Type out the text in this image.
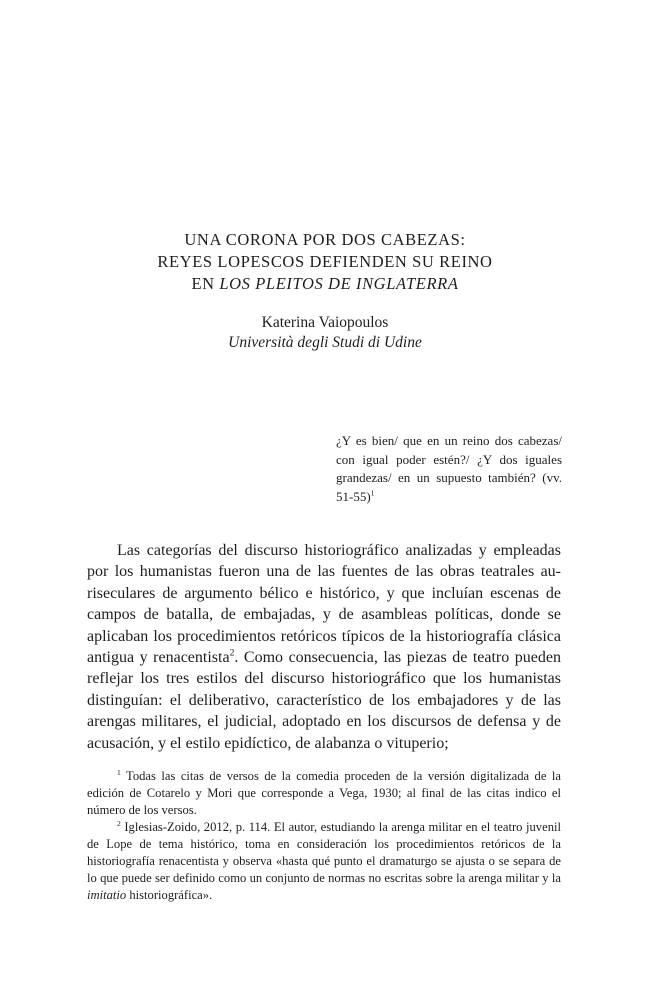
UNA CORONA POR DOS CABEZAS:
REYES LOPESCOS DEFIENDEN SU REINO
EN LOS PLEITOS DE INGLATERRA
Katerina Vaiopoulos
Università degli Studi di Udine
¿Y es bien/ que en un reino dos cabezas/ con igual poder estén?/ ¿Y dos iguales grandezas/ en un supuesto también? (vv. 51-55)$^1$

Las categorías del discurso historiográfico analizadas y empleadas por los humanistas fueron una de las fuentes de las obras teatrales auriseculares de argumento bélico e histórico, y que incluían escenas de campos de batalla, de embajadas, y de asambleas políticas, donde se aplicaban los procedimientos retóricos típicos de la historiografía clásica antigua y renacentista$^2$. Como consecuencia, las piezas de teatro pueden reflejar los tres estilos del discurso historiográfico que los humanistas distinguían: el deliberativo, característico de los embajadores y de las arengas militares, el judicial, adoptado en los discursos de defensa y de acusación, y el estilo epidíctico, de alabanza o vituperio;

$^1$ Todas las citas de versos de la comedia proceden de la versión digitalizada de la edición de Cotarelo y Mori que corresponde a Vega, 1930; al final de las citas indico el número de los versos.

$^2$ Iglesias-Zoido, 2012, p. 114. El autor, estudiando la arenga militar en el teatro juvenil de Lope de tema histórico, toma en consideración los procedimientos retóricos de la historiografía renacentista y observa «hasta qué punto el dramaturgo se ajusta o se separa de lo que puede ser definido como un conjunto de normas no escritas sobre la arenga militar y la imitatio historiográfica».
